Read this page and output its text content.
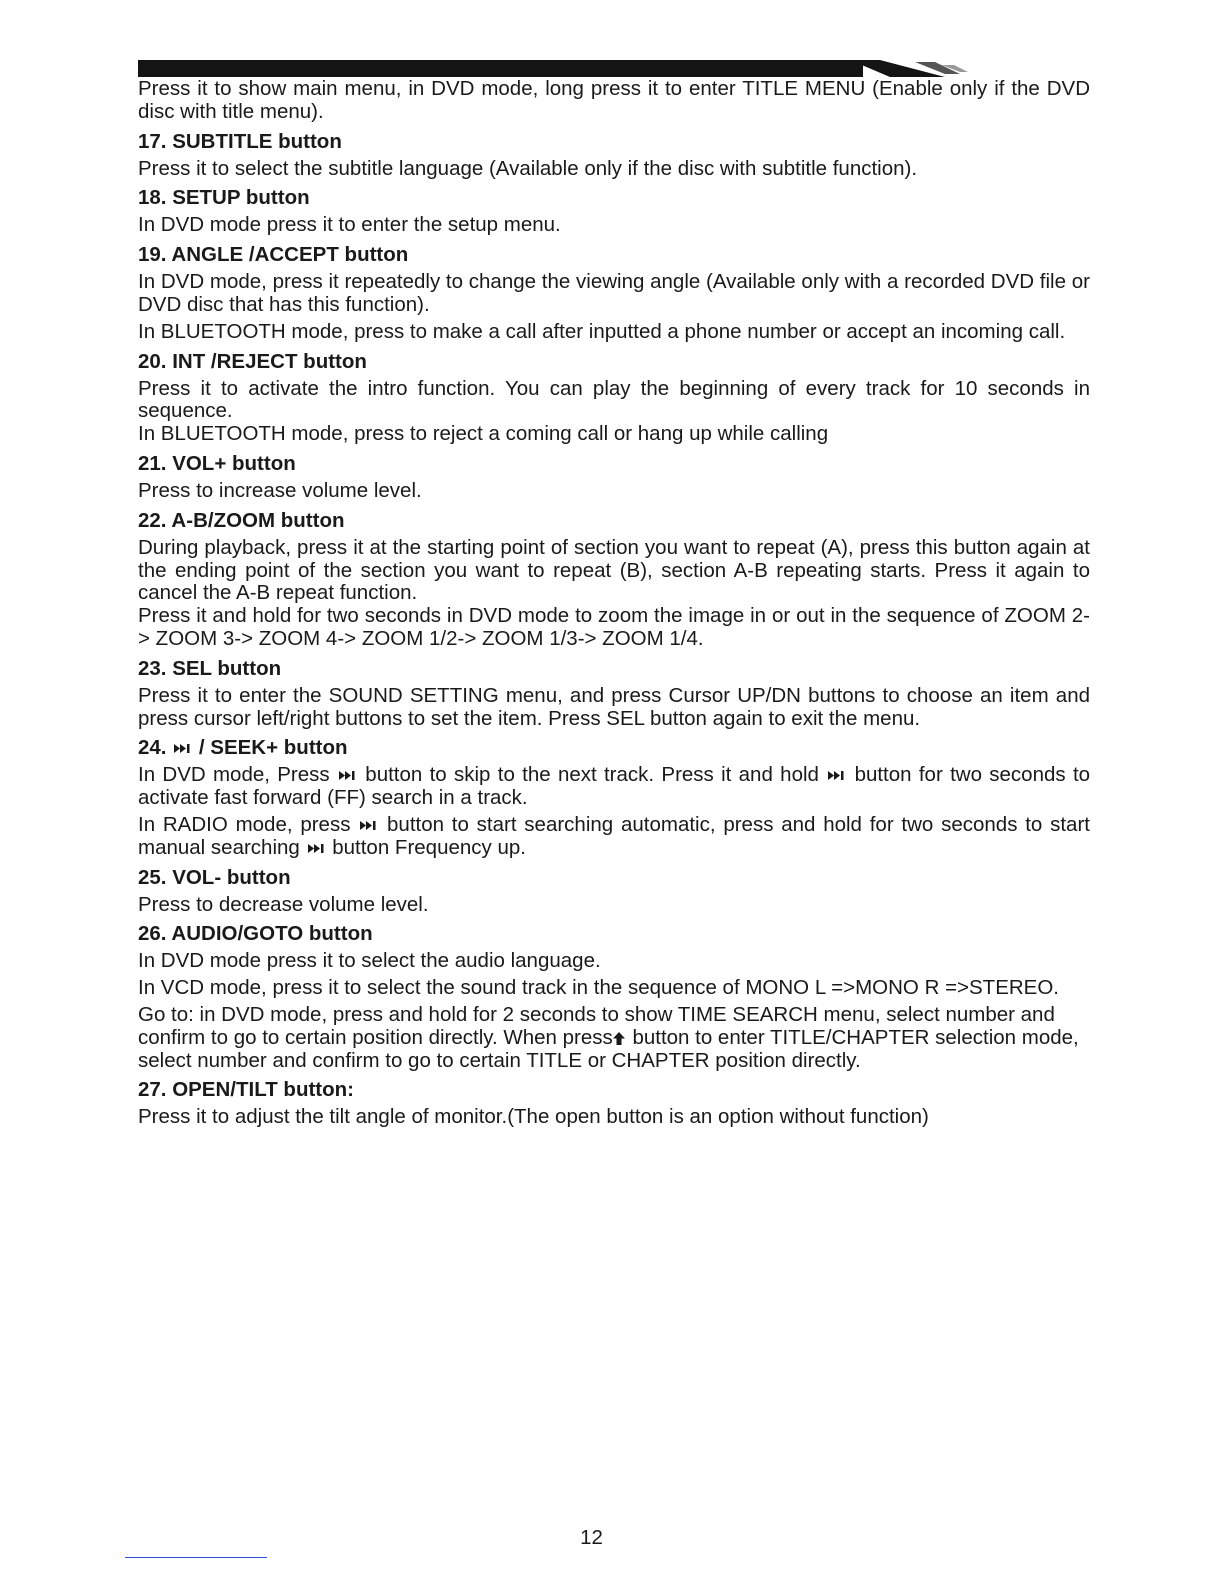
Press it to show main menu, in DVD mode, long press it to enter TITLE MENU (Enable only if the DVD disc with title menu).

17. SUBTITLE button

Press it to select the subtitle language (Available only if the disc with subtitle function).

18. SETUP button

In DVD mode press it to enter the setup menu.

19. ANGLE /ACCEPT button

In DVD mode, press it repeatedly to change the viewing angle (Available only with a recorded DVD file or DVD disc that has this function).

In BLUETOOTH mode, press to make a call after inputted a phone number or accept an incoming call.

20. INT /REJECT button

Press it to activate the intro function. You can play the beginning of every track for 10 seconds in sequence.

In BLUETOOTH mode, press to reject a coming call or hang up while calling

21. VOL+ button

Press to increase volume level.

22. A-B/ZOOM button

During playback, press it at the starting point of section you want to repeat (A), press this button again at the ending point of the section you want to repeat (B), section A-B repeating starts. Press it again to cancel the A-B repeat function.

Press it and hold for two seconds in DVD mode to zoom the image in or out in the sequence of ZOOM 2-> ZOOM 3-> ZOOM 4-> ZOOM 1/2-> ZOOM 1/3-> ZOOM 1/4.

23. SEL button

Press it to enter the SOUND SETTING menu, and press Cursor UP/DN buttons to choose an item and press cursor left/right buttons to set the item. Press SEL button again to exit the menu.

24.  / SEEK+ button

In DVD mode, Press button to skip to the next track. Press it and hold button for two seconds to activate fast forward (FF) search in a track.

In RADIO mode, press button to start searching automatic, press and hold for two seconds to start manual searching button Frequency up.

25. VOL- button

Press to decrease volume level.

26. AUDIO/GOTO button

In DVD mode press it to select the audio language.

In VCD mode, press it to select the sound track in the sequence of MONO L =>MONO R =>STEREO.

Go to: in DVD mode, press and hold for 2 seconds to show TIME SEARCH menu, select number and confirm to go to certain position directly. When press button to enter TITLE/CHAPTER selection mode, select number and confirm to go to certain TITLE or CHAPTER position directly.

27. OPEN/TILT button:

Press it to adjust the tilt angle of monitor.(The open button is an option without function)

12
